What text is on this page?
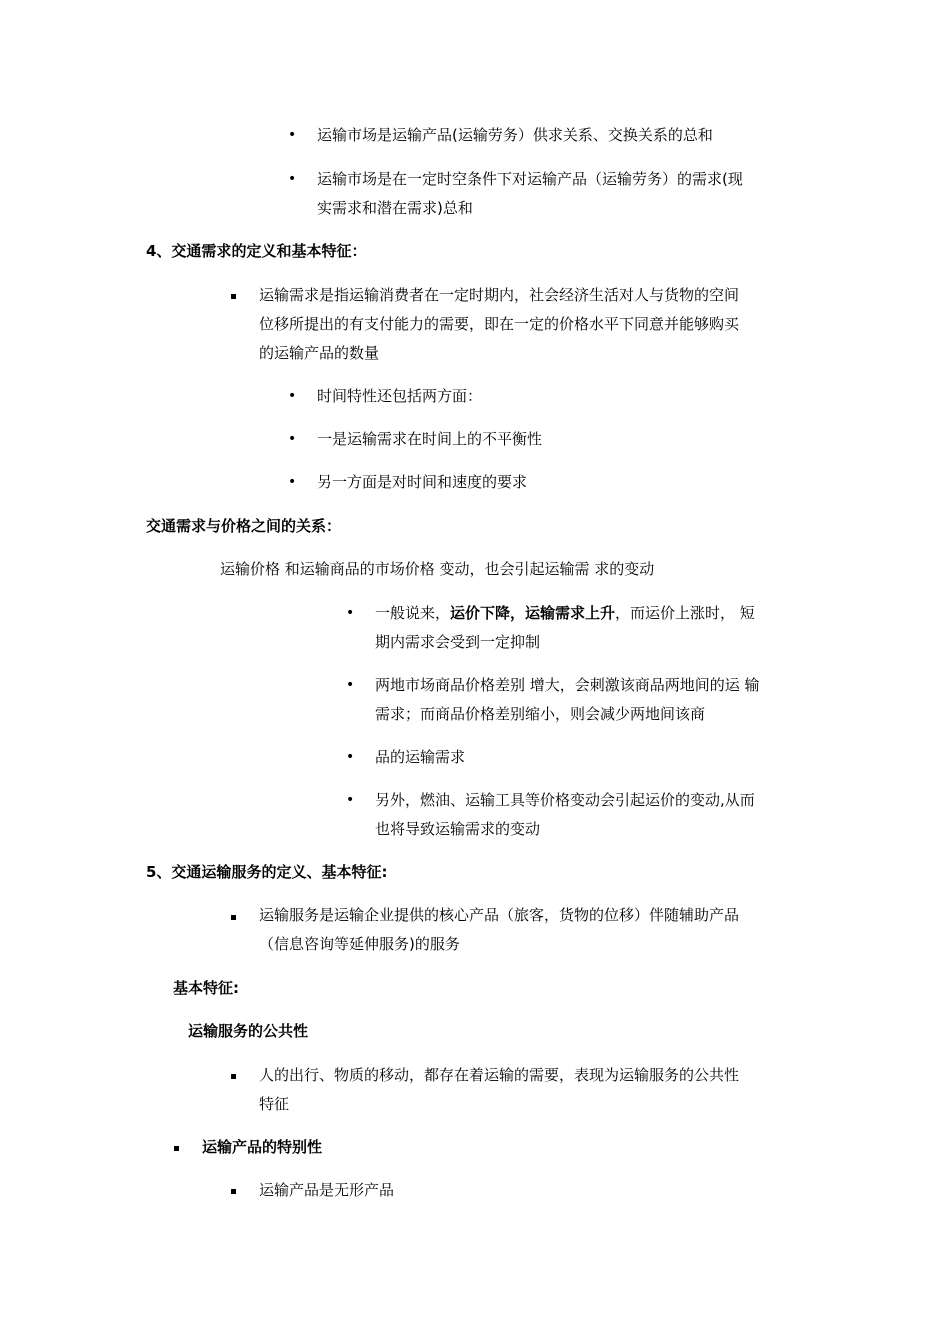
• 运输市场是运输产品(运输劳务）供求关系、交换关系的总和
• 运输市场是在一定时空条件下对运输产品（运输劳务）的需求(现
实需求和潜在需求)总和
4、交通需求的定义和基本特征：
运输需求是指运输消费者在一定时期内，社会经济生活对人与货物的空间
位移所提出的有支付能力的需要，即在一定的价格水平下同意并能够购买
的运输产品的数量
• 时间特性还包括两方面：
• 一是运输需求在时间上的不平衡性
• 另一方面是对时间和速度的要求
交通需求与价格之间的关系：
运输价格 和运输商品的市场价格 变动，也会引起运输需 求的变动
• 一般说来，运价下降，运输需求上升，而运价上涨时， 短
期内需求会受到一定抑制
• 两地市场商品价格差别 增大，会刺激该商品两地间的运 输
需求；而商品价格差别缩小，则会减少两地间该商
• 品的运输需求
• 另外，燃油、运输工具等价格变动会引起运价的变动,从而
也将导致运输需求的变动
5、交通运输服务的定义、基本特征:
运输服务是运输企业提供的核心产品（旅客，货物的位移）伴随辅助产品
（信息咨询等延伸服务)的服务
基本特征:
运输服务的公共性
人的出行、物质的移动，都存在着运输的需要，表现为运输服务的公共性
特征
运输产品的特别性
运输产品是无形产品
